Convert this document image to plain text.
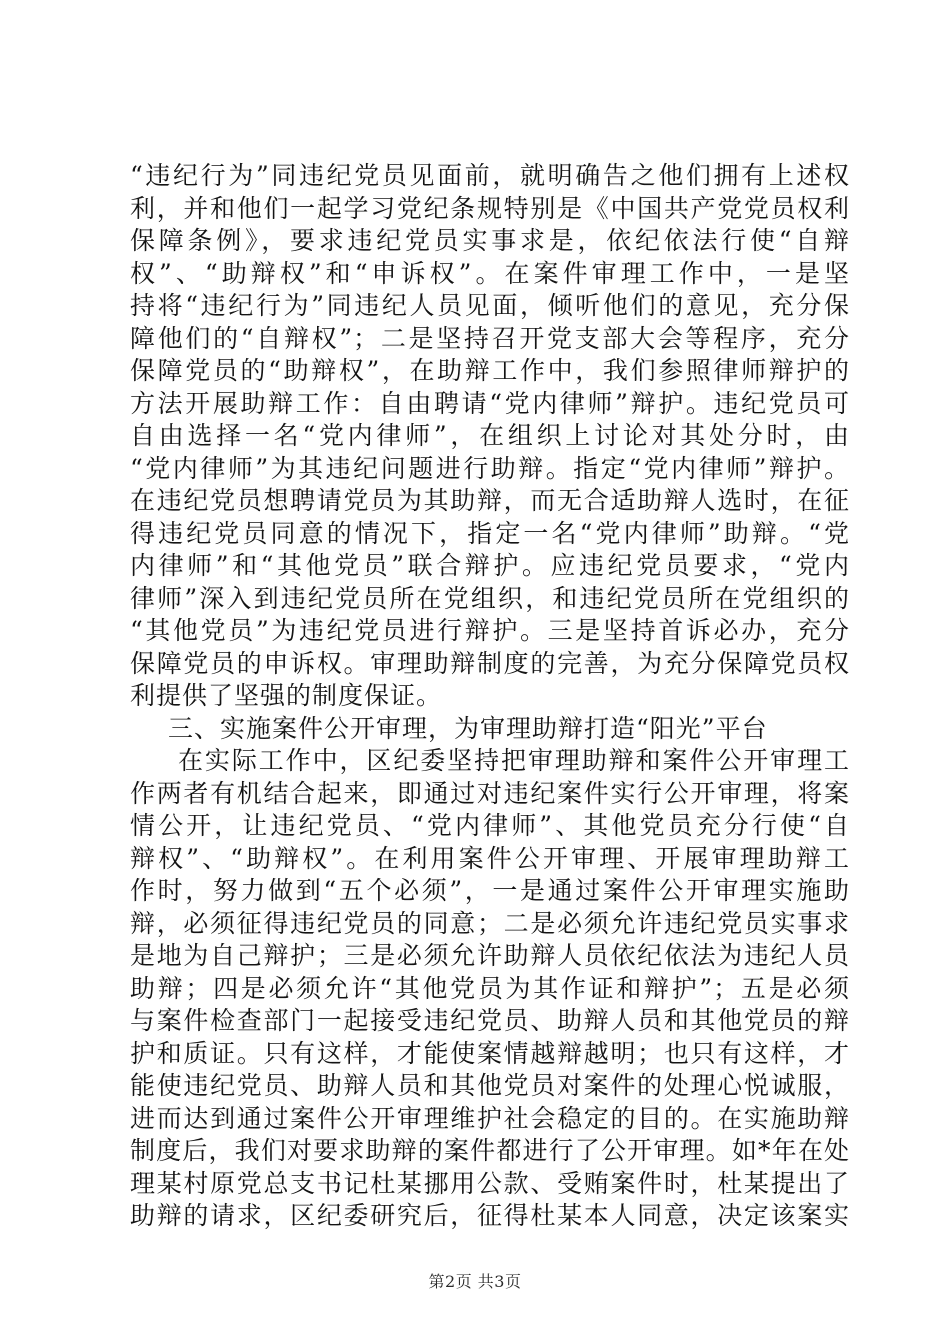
“违纪行为”同违纪党员见面前，就明确告之他们拥有上述权
利，并和他们一起学习党纪条规特别是《中国共产党党员权利
保障条例》，要求违纪党员实事求是，依纪依法行使“自辩
权”、“助辩权”和“申诉权”。在案件审理工作中，一是坚
持将“违纪行为”同违纪人员见面，倾听他们的意见，充分保
障他们的“自辩权”；二是坚持召开党支部大会等程序，充分
保障党员的“助辩权”，在助辩工作中，我们参照律师辩护的
方法开展助辩工作：自由聘请“党内律师”辩护。违纪党员可
自由选择一名“党内律师”，在组织上讨论对其处分时，由
“党内律师”为其违纪问题进行助辩。指定“党内律师”辩护。
在违纪党员想聘请党员为其助辩，而无合适助辩人选时，在征
得违纪党员同意的情况下，指定一名“党内律师”助辩。“党
内律师”和“其他党员”联合辩护。应违纪党员要求，“党内
律师”深入到违纪党员所在党组织，和违纪党员所在党组织的
“其他党员”为违纪党员进行辩护。三是坚持首诉必办，充分
保障党员的申诉权。审理助辩制度的完善，为充分保障党员权
利提供了坚强的制度保证。
三、实施案件公开审理，为审理助辩打造“阳光”平台
在实际工作中，区纪委坚持把审理助辩和案件公开审理工
作两者有机结合起来，即通过对违纪案件实行公开审理，将案
情公开，让违纪党员、“党内律师”、其他党员充分行使“自
辩权”、“助辩权”。在利用案件公开审理、开展审理助辩工
作时，努力做到“五个必须”，一是通过案件公开审理实施助
辩，必须征得违纪党员的同意；二是必须允许违纪党员实事求
是地为自己辩护；三是必须允许助辩人员依纪依法为违纪人员
助辩；四是必须允许“其他党员为其作证和辩护”；五是必须
与案件检查部门一起接受违纪党员、助辩人员和其他党员的辩
护和质证。只有这样，才能使案情越辩越明；也只有这样，才
能使违纪党员、助辩人员和其他党员对案件的处理心悦诚服，
进而达到通过案件公开审理维护社会稳定的目的。在实施助辩
制度后，我们对要求助辩的案件都进行了公开审理。如*年在处
理某村原党总支书记杜某挪用公款、受贿案件时，杜某提出了
助辩的请求，区纪委研究后，征得杜某本人同意，决定该案实
第2页 共3页
